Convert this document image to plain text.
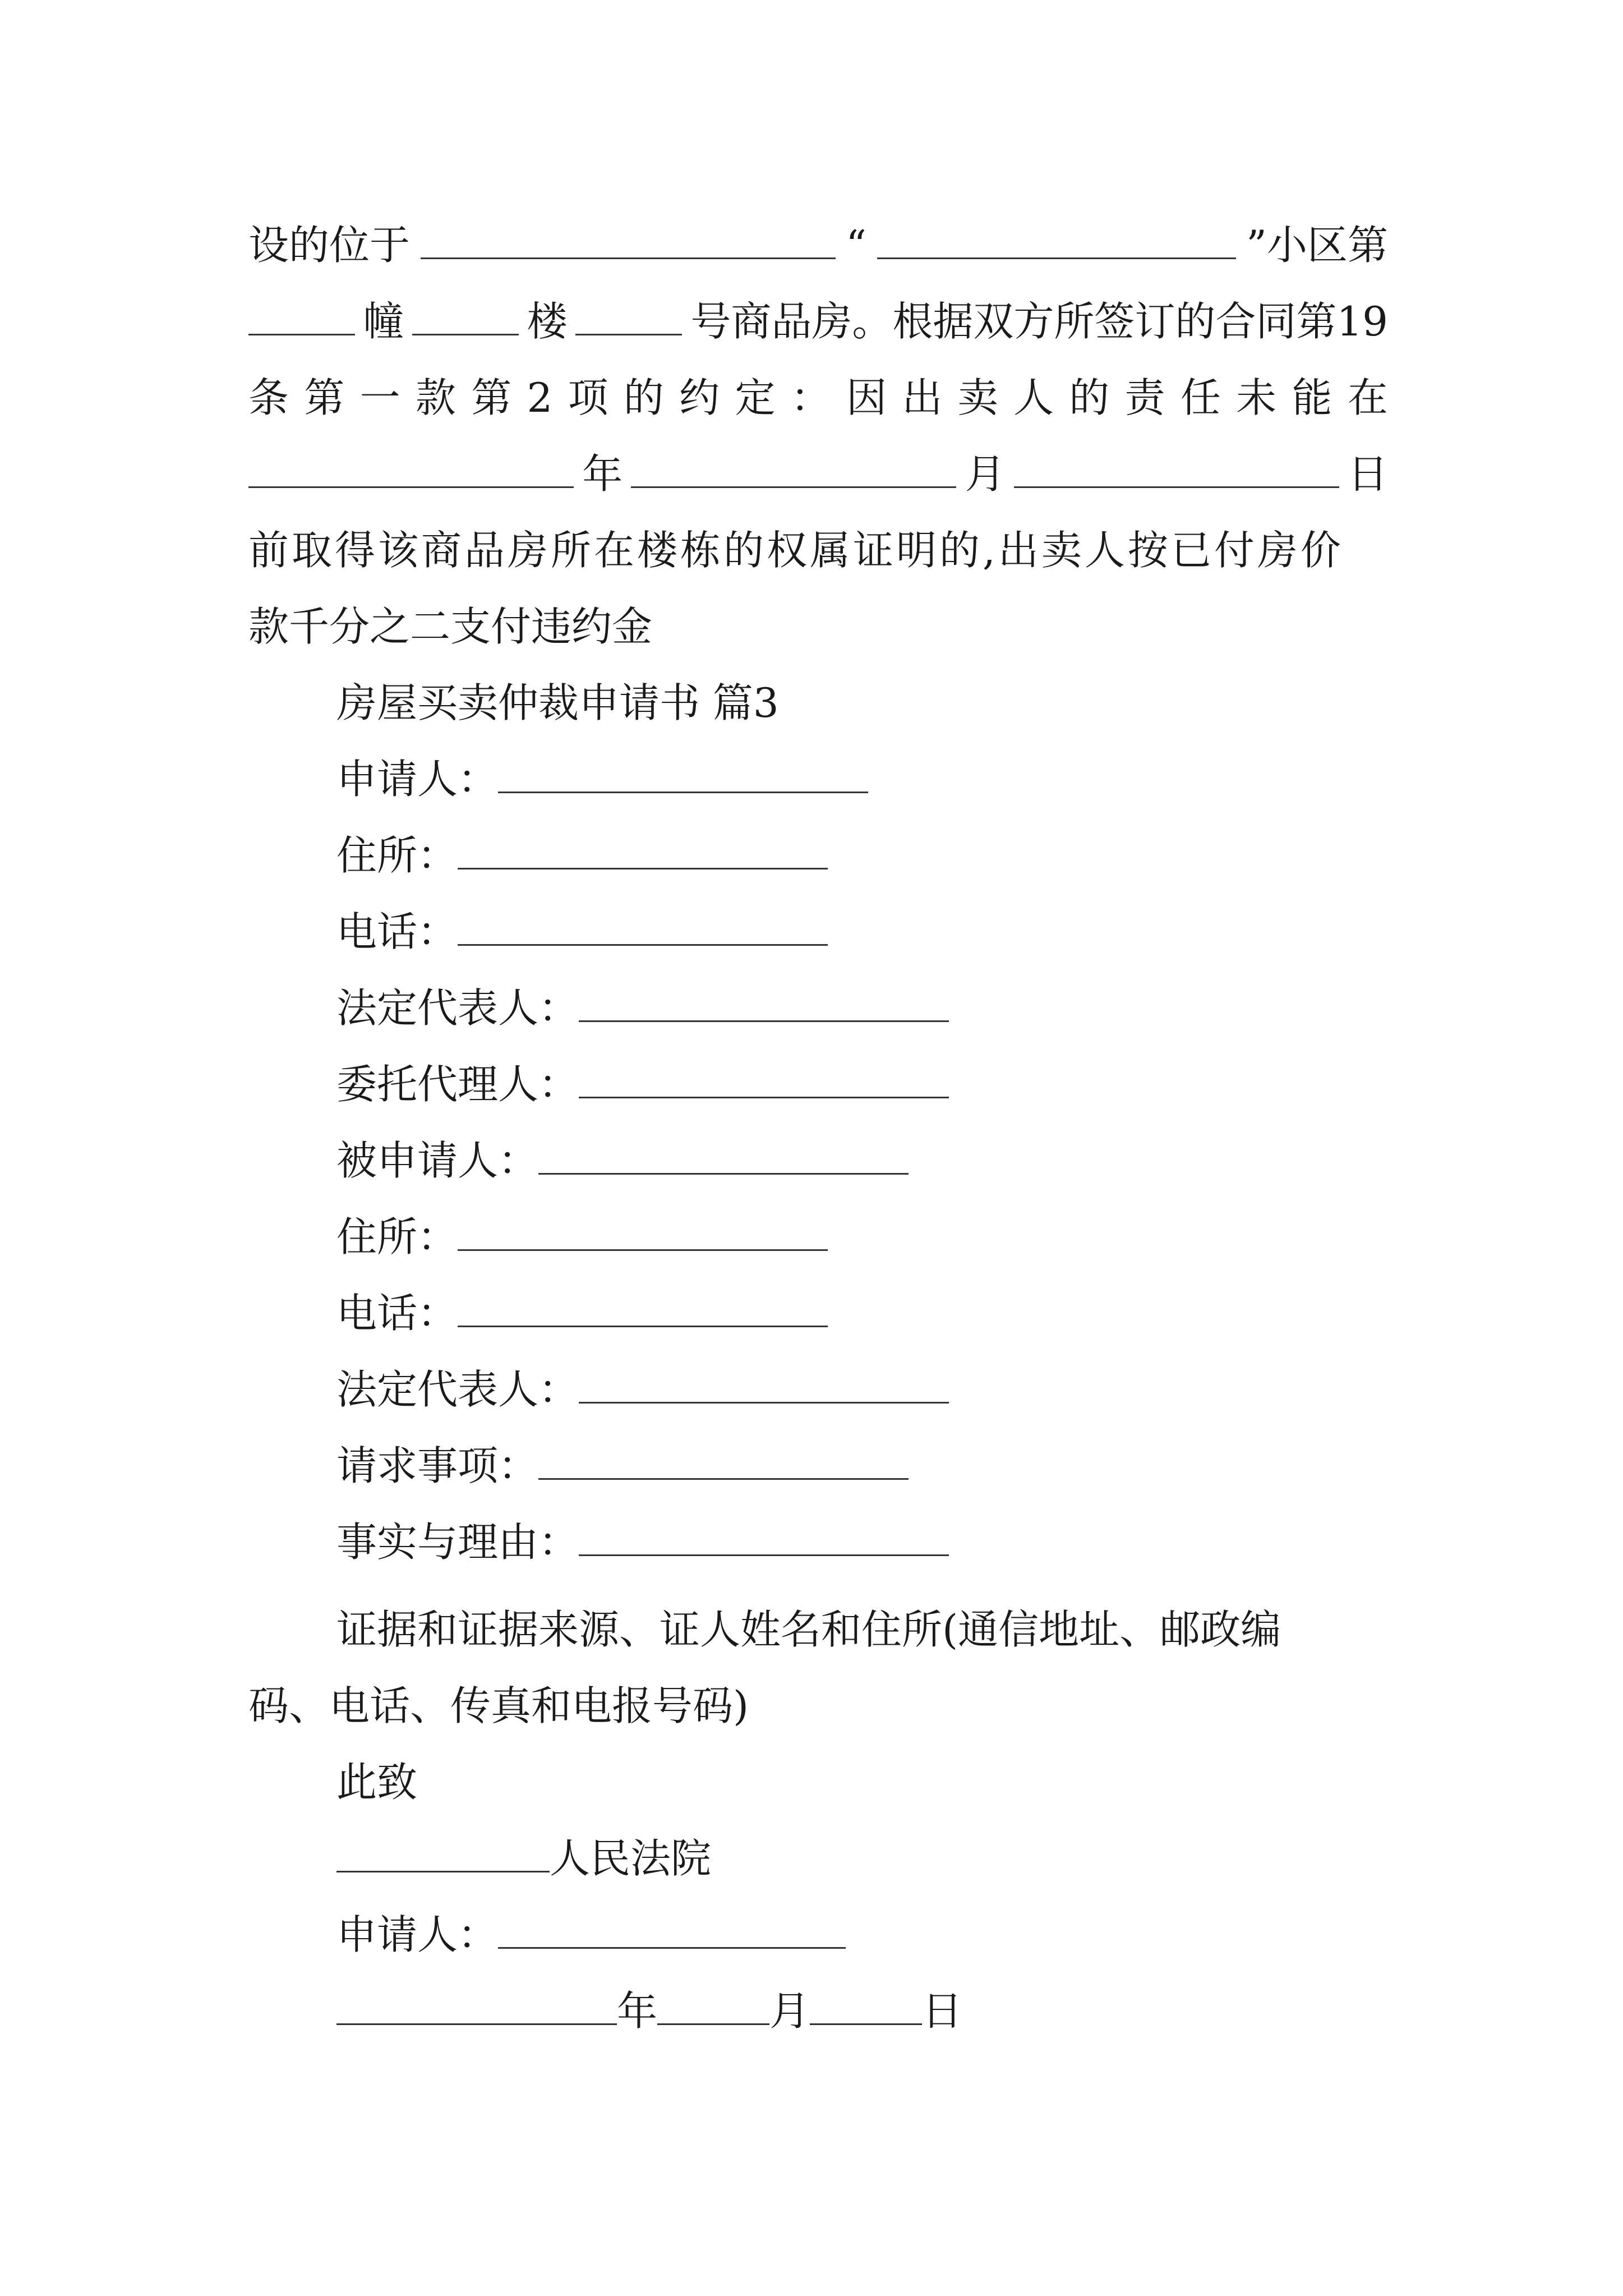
设的位于	“	”小区第
幢	楼	号商品房。根据双方所签订的合同第19
条 第 一 款 第 2 项 的 约 定 ： 因 出 卖 人 的 责 任 未 能 在
年	月	日
前取得该商品房所在楼栋的权属证明的,出卖人按已付房价
款千分之二支付违约金
房屋买卖仲裁申请书 篇3
申请人：
住所：
电话：
法定代表人：
委托代理人：
被申请人：
住所：
电话：
法定代表人：
请求事项：
事实与理由：
证据和证据来源、证人姓名和住所(通信地址、邮政编
码、电话、传真和电报号码)
此致
人民法院
申请人：
年	月	日
